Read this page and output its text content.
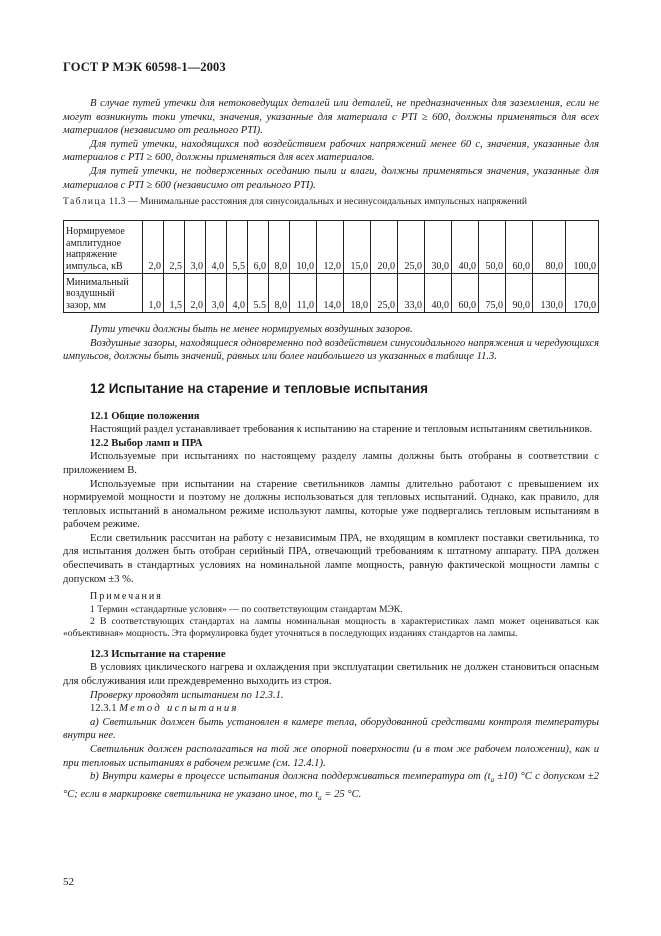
ГОСТ Р МЭК 60598-1—2003

В случае путей утечки для нетоковедущих деталей или деталей, не предназначенных для заземления, если не могут возникнуть токи утечки, значения, указанные для материала с PTI ≥ 600, должны применяться для всех материалов (независимо от реального PTI).

Для путей утечки, находящихся под воздействием рабочих напряжений менее 60 с, значения, указанные для материалов с PTI ≥ 600, должны применяться для всех материалов.

Для путей утечки, не подверженных оседанию пыли и влаги, должны применяться значения, указанные для материалов с PTI ≥ 600 (независимо от реального PTI).

Таблица 11.3 — Минимальные расстояния для синусоидальных и несинусоидальных импульсных напряжений

Нормируемое амплитудное напряжение импульса, кВ	2,0	2,5	3,0	4,0	5,5	6,0	8,0	10,0	12,0	15,0	20,0	25,0	30,0	40,0	50,0	60,0	80,0	100,0
Минимальный воздушный зазор, мм	1,0	1,5	2,0	3,0	4,0	5.5	8,0	11,0	14,0	18,0	25,0	33,0	40,0	60,0	75,0	90,0	130,0	170,0

Пути утечки должны быть не менее нормируемых воздушных зазоров.

Воздушные зазоры, находящиеся одновременно под воздействием синусоидального напряжения и чередующихся импульсов, должны быть значений, равных или более наибольшего из указанных в таблице 11.3.

12 Испытание на старение и тепловые испытания
12.1 Общие положения

Настоящий раздел устанавливает требования к испытанию на старение и тепловым испытаниям светильников.

12.2 Выбор ламп и ПРА

Используемые при испытаниях по настоящему разделу лампы должны быть отобраны в соответствии с приложением В.

Используемые при испытании на старение светильников лампы длительно работают с превышением их нормируемой мощности и поэтому не должны использоваться для тепловых испытаний. Однако, как правило, для тепловых испытаний в аномальном режиме используют лампы, которые уже подвергались тепловым испытаниям в рабочем режиме.

Если светильник рассчитан на работу с независимым ПРА, не входящим в комплект поставки светильника, то для испытания должен быть отобран серийный ПРА, отвечающий требованиям к штатному аппарату. ПРА должен обеспечивать в стандартных условиях на номинальной лампе мощность, равную фактической мощности лампы с допуском ±3 %.

Примечания

1 Термин «стандартные условия» — по соответствующим стандартам МЭК.

2 В соответствующих стандартах на лампы номинальная мощность в характеристиках ламп может оцениваться как «объективная» мощность. Эта формулировка будет уточняться в последующих изданиях стандартов на лампы.

12.3 Испытание на старение

В условиях циклического нагрева и охлаждения при эксплуатации светильник не должен становиться опасным для обслуживания или преждевременно выходить из строя.

Проверку проводят испытанием по 12.3.1.

12.3.1 Метод испытания

а) Светильник должен быть установлен в камере тепла, оборудованной средствами контроля температуры внутри нее.

Светильник должен располагаться на той же опорной поверхности (и в том же рабочем положении), как и при тепловых испытаниях в рабочем режиме (см. 12.4.1).

b) Внутри камеры в процессе испытания должна поддерживаться температура от $(t_a \pm 10)$ °С с допуском ±2 °С; если в маркировке светильника не указано иное, то $t_a = 25$ °С.

52
